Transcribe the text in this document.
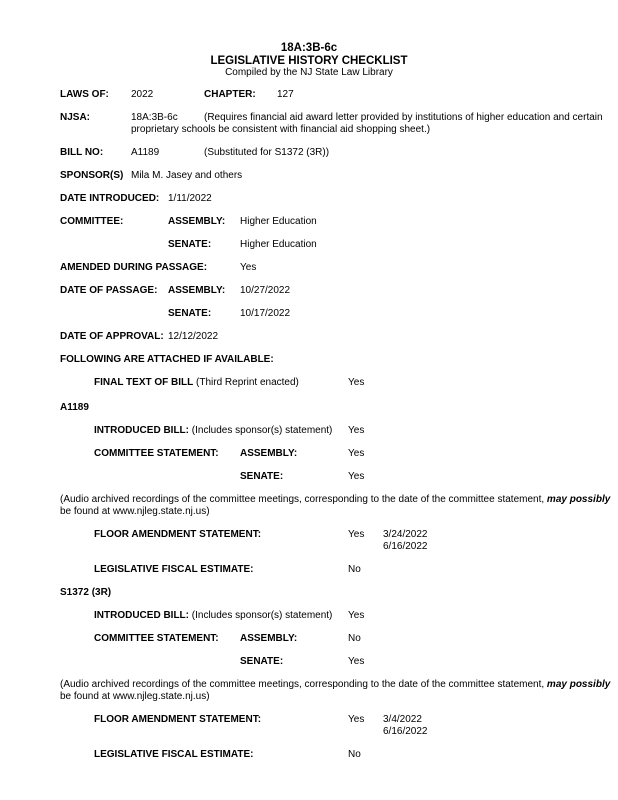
18A:3B-6c
LEGISLATIVE HISTORY CHECKLIST
Compiled by the NJ State Law Library
LAWS OF: 2022	CHAPTER: 127
NJSA:	18A:3B-6c	(Requires financial aid award letter provided by institutions of higher education and certain
proprietary schools be consistent with financial aid shopping sheet.)
BILL NO:	A1189	(Substituted for S1372 (3R))
SPONSOR(S) Mila M. Jasey and others
DATE INTRODUCED: 1/11/2022
COMMITTEE:	ASSEMBLY: Higher Education
SENATE:	Higher Education
AMENDED DURING PASSAGE:	Yes
DATE OF PASSAGE: ASSEMBLY: 10/27/2022
SENATE:	10/17/2022
DATE OF APPROVAL: 12/12/2022
FOLLOWING ARE ATTACHED IF AVAILABLE:
FINAL TEXT OF BILL (Third Reprint enacted)	Yes
A1189
INTRODUCED BILL: (Includes sponsor(s) statement) Yes
COMMITTEE STATEMENT: ASSEMBLY:	Yes
SENATE:	Yes
(Audio archived recordings of the committee meetings, corresponding to the date of the committee statement, may possibly
be found at www.njleg.state.nj.us)
FLOOR AMENDMENT STATEMENT:	Yes 3/24/2022
6/16/2022
LEGISLATIVE FISCAL ESTIMATE:	No
S1372 (3R)
INTRODUCED BILL: (Includes sponsor(s) statement) Yes
COMMITTEE STATEMENT: ASSEMBLY:	No
SENATE:	Yes
(Audio archived recordings of the committee meetings, corresponding to the date of the committee statement, may possibly
be found at www.njleg.state.nj.us)
FLOOR AMENDMENT STATEMENT:	Yes 3/4/2022
6/16/2022
LEGISLATIVE FISCAL ESTIMATE:	No
